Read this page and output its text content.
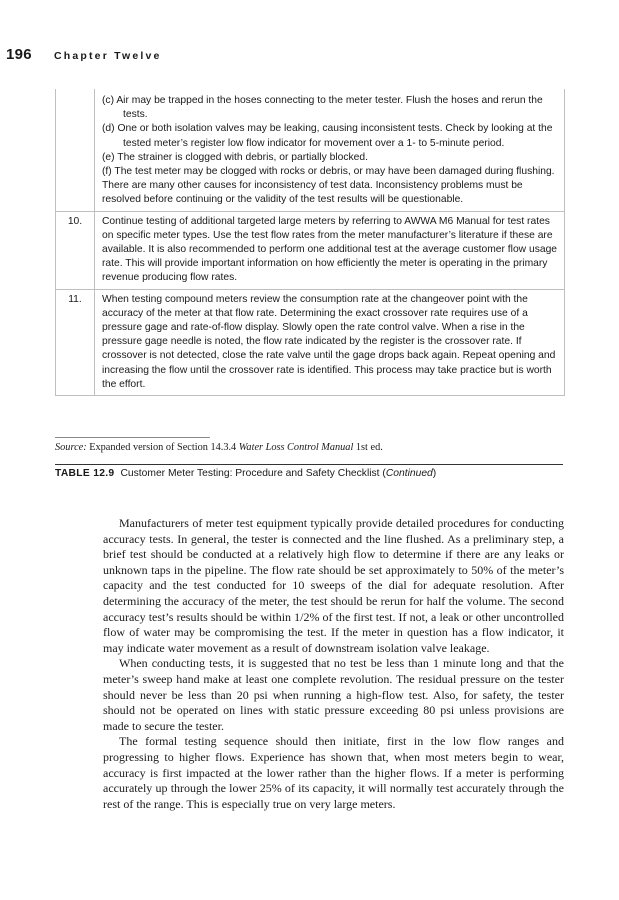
196 Chapter Twelve
(c) Air may be trapped in the hoses connecting to the meter tester. Flush the hoses and rerun the tests.
(d) One or both isolation valves may be leaking, causing inconsistent tests. Check by looking at the tested meter’s register low flow indicator for movement over a 1- to 5-minute period.
(e) The strainer is clogged with debris, or partially blocked.
(f) The test meter may be clogged with rocks or debris, or may have been damaged during flushing.
There are many other causes for inconsistency of test data. Inconsistency problems must be resolved before continuing or the validity of the test results will be questionable.
10.	Continue testing of additional targeted large meters by referring to AWWA M6 Manual for test rates on specific meter types. Use the test flow rates from the meter manufacturer’s literature if these are available. It is also recommended to perform one additional test at the average customer flow usage rate. This will provide important information on how efficiently the meter is operating in the primary revenue producing flow rates.
11.	When testing compound meters review the consumption rate at the changeover point with the accuracy of the meter at that flow rate. Determining the exact crossover rate requires use of a pressure gage and rate-of-flow display. Slowly open the rate control valve. When a rise in the pressure gage needle is noted, the flow rate indicated by the register is the crossover rate. If crossover is not detected, close the rate valve until the gage drops back again. Repeat opening and increasing the flow until the crossover rate is identified. This process may take practice but is worth the effort.
Source: Expanded version of Section 14.3.4 Water Loss Control Manual 1st ed.
TABLE 12.9 Customer Meter Testing: Procedure and Safety Checklist (Continued)

Manufacturers of meter test equipment typically provide detailed procedures for conducting accuracy tests. In general, the tester is connected and the line flushed. As a preliminary step, a brief test should be conducted at a relatively high flow to determine if there are any leaks or unknown taps in the pipeline. The flow rate should be set approximately to 50% of the meter’s capacity and the test conducted for 10 sweeps of the dial for adequate resolution. After determining the accuracy of the meter, the test should be rerun for half the volume. The second accuracy test’s results should be within 1/2% of the first test. If not, a leak or other uncontrolled flow of water may be compromising the test. If the meter in question has a flow indicator, it may indicate water movement as a result of downstream isolation valve leakage.

When conducting tests, it is suggested that no test be less than 1 minute long and that the meter’s sweep hand make at least one complete revolution. The residual pressure on the tester should never be less than 20 psi when running a high-flow test. Also, for safety, the tester should not be operated on lines with static pressure exceeding 80 psi unless provisions are made to secure the tester.

The formal testing sequence should then initiate, first in the low flow ranges and progressing to higher flows. Experience has shown that, when most meters begin to wear, accuracy is first impacted at the lower rather than the higher flows. If a meter is performing accurately up through the lower 25% of its capacity, it will normally test accurately through the rest of the range. This is especially true on very large meters.
